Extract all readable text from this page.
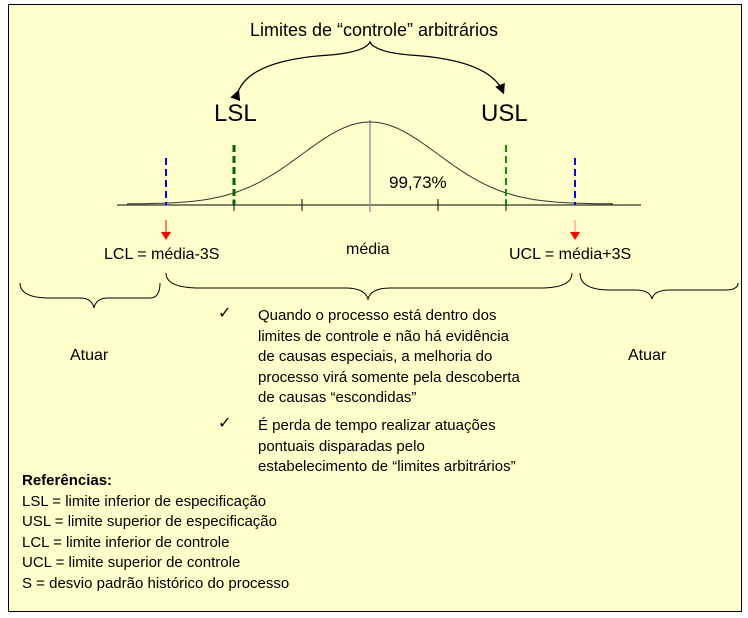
Limites de “controle” arbitrários
LSL	USL
99,73%
LCL = média-3S	média	UCL = média+3S
Atuar	Atuar
✓ Quando o processo está dentro dos
limites de controle e não há evidência
de causas especiais, a melhoria do
processo virá somente pela descoberta
de causas “escondidas”
✓ É perda de tempo realizar atuações
pontuais disparadas pelo
estabelecimento de “limites arbitrários”
Referências:
LSL = limite inferior de especificação
USL = limite superior de especificação
LCL = limite inferior de controle
UCL = limite superior de controle
S = desvio padrão histórico do processo
